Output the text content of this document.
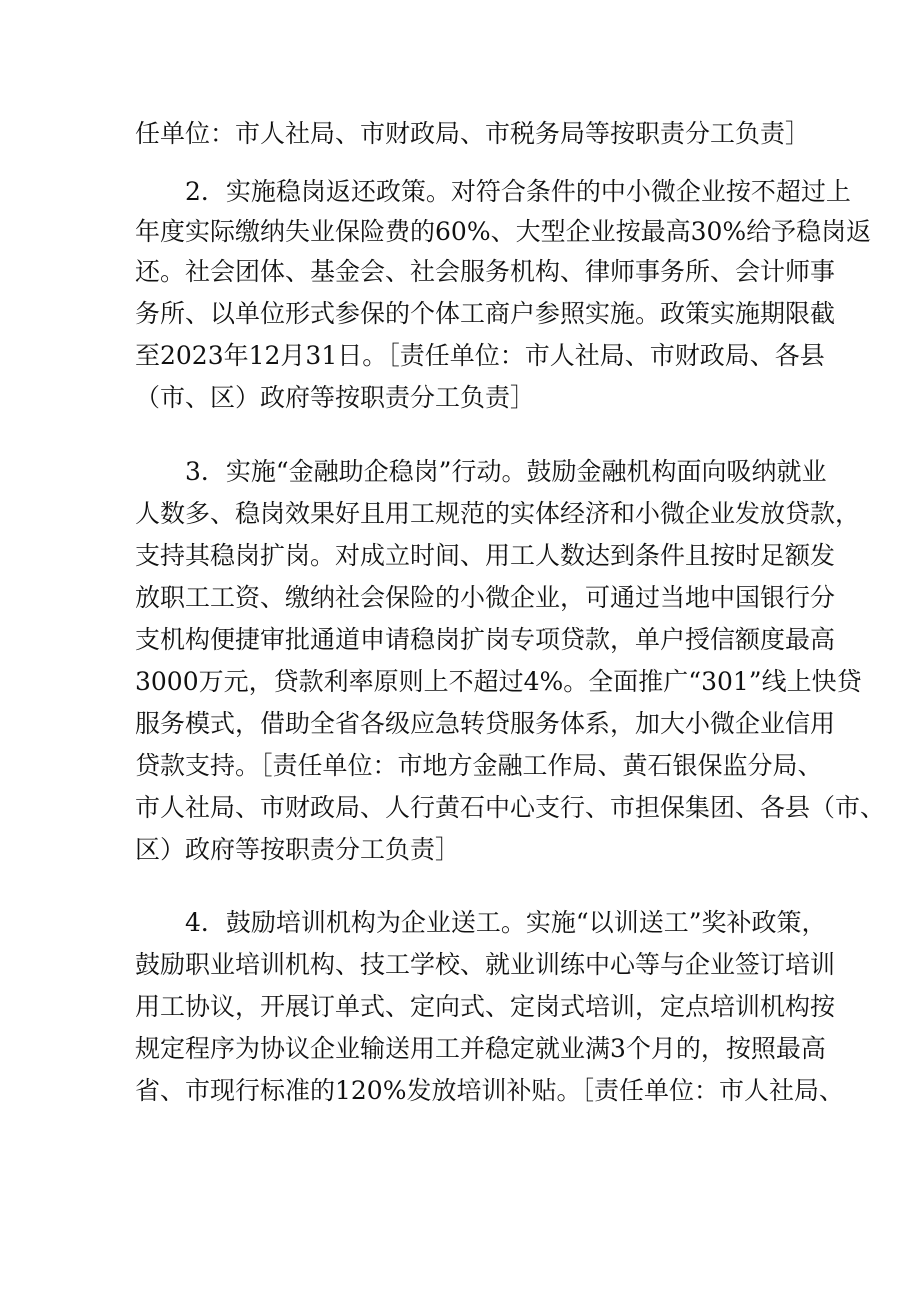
任单位：市人社局、市财政局、市税务局等按职责分工负责］
2．实施稳岗返还政策。对符合条件的中小微企业按不超过上
年度实际缴纳失业保险费的60%、大型企业按最高30%给予稳岗返
还。社会团体、基金会、社会服务机构、律师事务所、会计师事
务所、以单位形式参保的个体工商户参照实施。政策实施期限截
至2023年12月31日。［责任单位：市人社局、市财政局、各县
（市、区）政府等按职责分工负责］
3．实施“金融助企稳岗”行动。鼓励金融机构面向吸纳就业
人数多、稳岗效果好且用工规范的实体经济和小微企业发放贷款，
支持其稳岗扩岗。对成立时间、用工人数达到条件且按时足额发
放职工工资、缴纳社会保险的小微企业，可通过当地中国银行分
支机构便捷审批通道申请稳岗扩岗专项贷款，单户授信额度最高
3000万元，贷款利率原则上不超过4%。全面推广“301”线上快贷
服务模式，借助全省各级应急转贷服务体系，加大小微企业信用
贷款支持。［责任单位：市地方金融工作局、黄石银保监分局、
市人社局、市财政局、人行黄石中心支行、市担保集团、各县（市、
区）政府等按职责分工负责］
4．鼓励培训机构为企业送工。实施“以训送工”奖补政策，
鼓励职业培训机构、技工学校、就业训练中心等与企业签订培训
用工协议，开展订单式、定向式、定岗式培训，定点培训机构按
规定程序为协议企业输送用工并稳定就业满3个月的，按照最高
省、市现行标准的120%发放培训补贴。［责任单位：市人社局、
